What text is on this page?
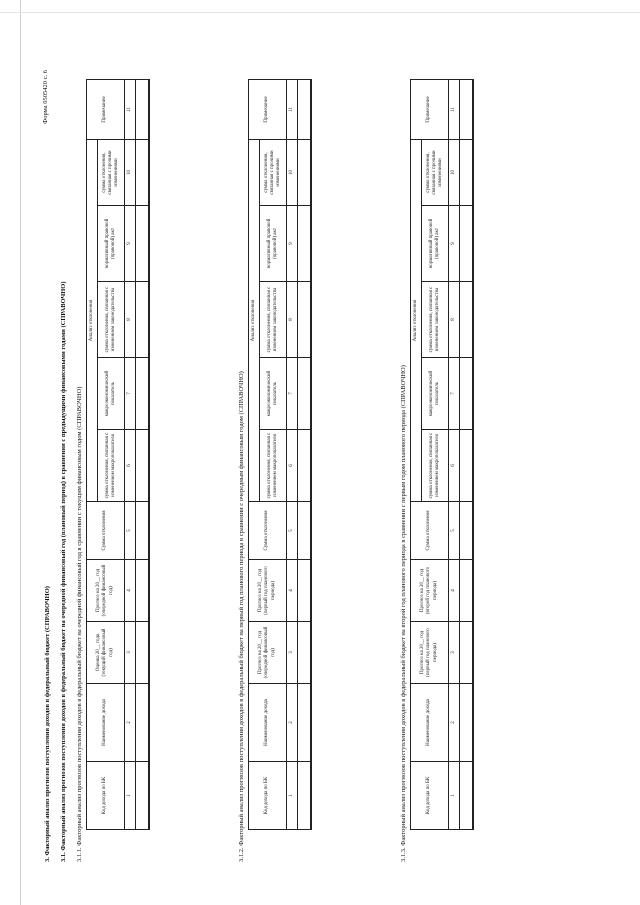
Форма 0505420 с. 6
3. Факторный анализ прогнозов поступления доходов в федеральный бюджет (СПРАВОЧНО) 3.1. Факторный анализ прогнозов поступления доходов в федеральный бюджет на очередной финансовый год (плановый период) в сравнении с предыдущими финансовыми годами (СПРАВОЧНО) 3.1.1. Факторный анализ прогнозов поступления доходов в федеральный бюджет на очередной финансовый год в сравнении с текущим финансовым годом (СПРАВОЧНО)	Код дохода по БК	Наименование дохода	Оценка 20__ года (текущий финансовый год)	Прогноз на 20__ год (очередной финансовый год)	Сумма отклонения	Анализ отклонения					Примечание
					сумма отклонения, связанная с изменением макропоказателя	макроэкономический показатель	сумма отклонения, связанная с изменением законодательства	нормативный правовой (правовой) акт	сумма отклонения, связанная с прочими изменениями	
1	2	3	4	5	6	7	8	9	10	11

3.1.2. Факторный анализ прогнозов поступления доходов в федеральный бюджет на первый год планового периода в сравнении с очередным финансовым годом (СПРАВОЧНО)	Код дохода по БК	Наименование дохода	Прогноз на 20__ год (очередной финансовый год)	Прогноз на 20__ год (первый год планового периода)	Сумма отклонения	Анализ отклонения					Примечание
					сумма отклонения, связанная с изменением макропоказателя	макроэкономический показатель	сумма отклонения, связанная с изменением законодательства	нормативный правовой (правовой) акт	сумма отклонения, связанная с прочими изменениями	
1	2	3	4	5	6	7	8	9	10	11

3.1.3. Факторный анализ прогнозов поступления доходов в федеральный бюджет на второй год планового периода в сравнении с первым годом планового периода (СПРАВОЧНО)	Код дохода по БК	Наименование дохода	Прогноз на 20__ год (первый год планового периода)	Прогноз на 20__ год (второй год планового периода)	Сумма отклонения	Анализ отклонения					Примечание
					сумма отклонения, связанная с изменением макропоказателя	макроэкономический показатель	сумма отклонения, связанная с изменением законодательства	нормативный правовой (правовой) акт	сумма отклонения, связанная с прочими изменениями	
1	2	3	4	5	6	7	8	9	10	11
